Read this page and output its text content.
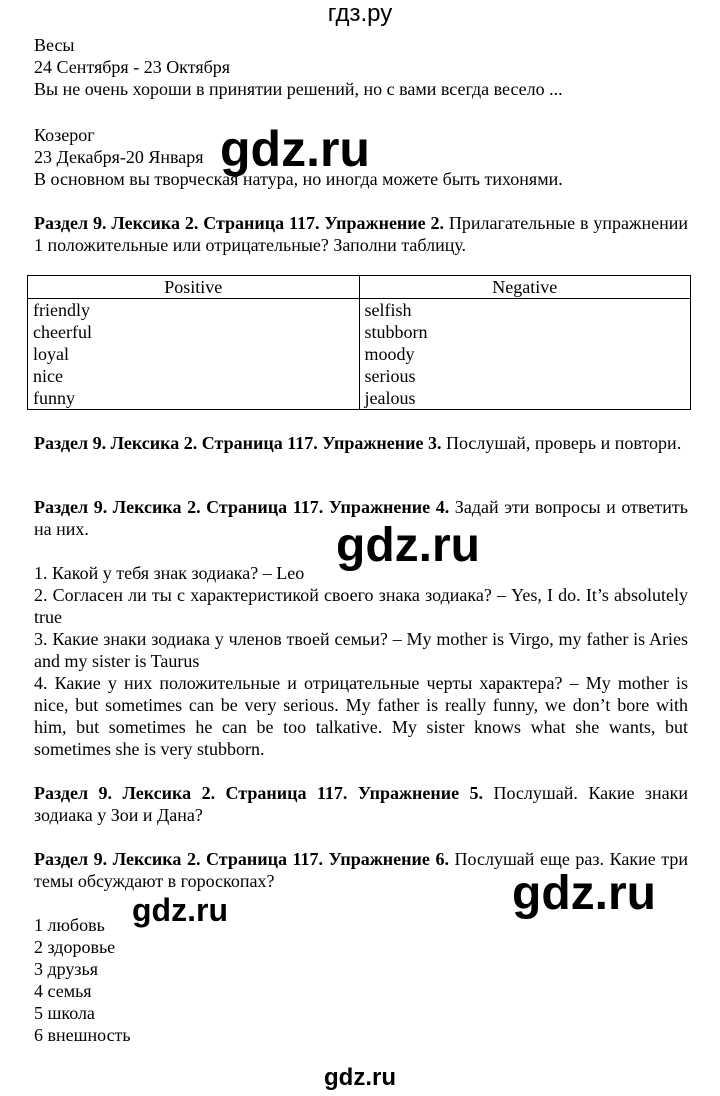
гдз.ру
Весы
24 Сентября - 23 Октября
Вы не очень хороши в принятии решений, но с вами всегда весело ...
Козерог
23 Декабря-20 Января
В основном вы творческая натура, но иногда можете быть тихонями.
gdz.ru
Раздел 9. Лексика 2. Страница 117. Упражнение 2. Прилагательные в упражнении 1 положительные или отрицательные? Заполни таблицу.
Positive	Negative
friendly	selfish
cheerful	stubborn
loyal	moody
nice	serious
funny	jealous
Раздел 9. Лексика 2. Страница 117. Упражнение 3. Послушай, проверь и повтори.
Раздел 9. Лексика 2. Страница 117. Упражнение 4. Задай эти вопросы и ответить на них.	gdz.ru
1. Какой у тебя знак зодиака? – Leo
2. Согласен ли ты с характеристикой своего знака зодиака? – Yes, I do. It’s absolutely true
3. Какие знаки зодиака у членов твоей семьи? – My mother is Virgo, my father is Aries and my sister is Taurus
4. Какие у них положительные и отрицательные черты характера? – My mother is nice, but sometimes can be very serious. My father is really funny, we don’t bore with him, but sometimes he can be too talkative. My sister knows what she wants, but sometimes she is very stubborn.
Раздел 9. Лексика 2. Страница 117. Упражнение 5. Послушай. Какие знаки зодиака у Зои и Дана?
Раздел 9. Лексика 2. Страница 117. Упражнение 6. Послушай еще раз. Какие три темы обсуждают в гороскопах?	gdz.ru
gdz.ru
1 любовь
2 здоровье
3 друзья
4 семья
5 школа
6 внешность
gdz.ru
